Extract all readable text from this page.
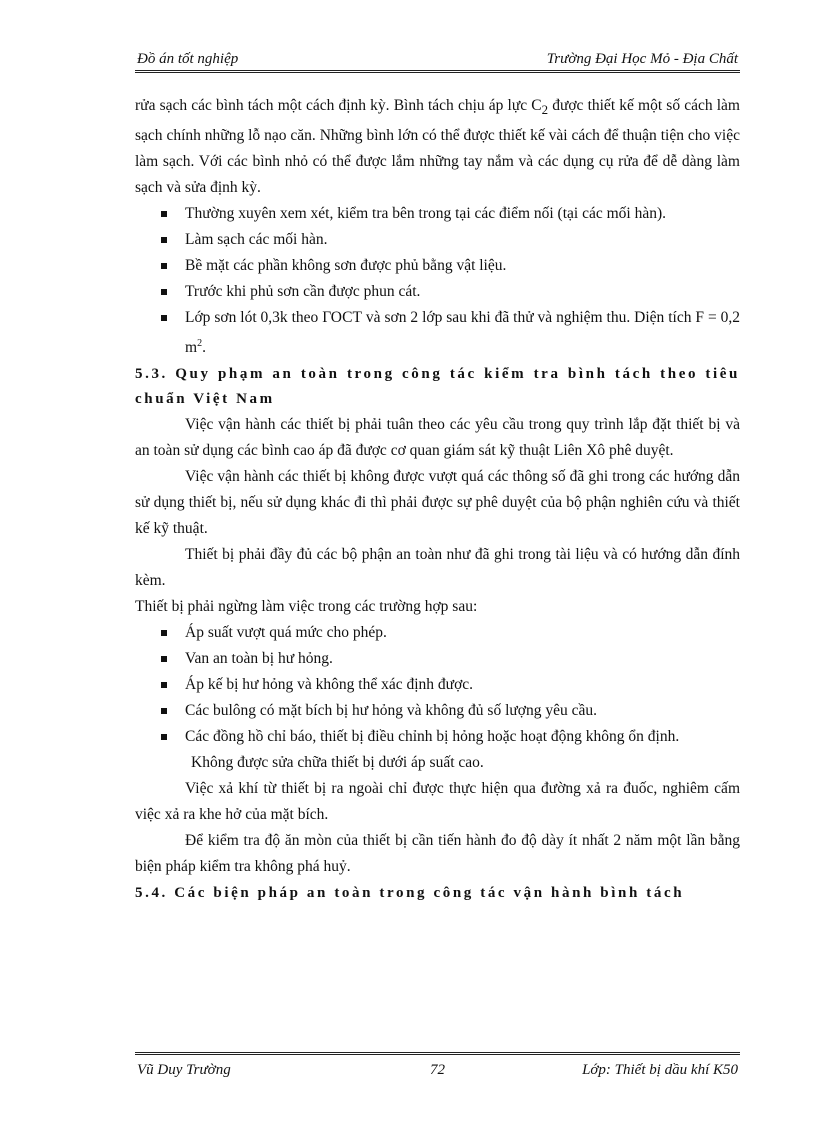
Đồ án tốt nghiệp	Trường Đại Học Mỏ - Địa Chất

rửa sạch các bình tách một cách định kỳ. Bình tách chịu áp lực $C_2$ được thiết kế một số cách làm sạch chính những lỗ nạo căn. Những bình lớn có thể được thiết kế vài cách để thuận tiện cho việc làm sạch. Với các bình nhỏ có thể được lắm những tay nắm và các dụng cụ rửa để dễ dàng làm sạch và sửa định kỳ.

Thường xuyên xem xét, kiểm tra bên trong tại các điểm nối (tại các mối hàn).
Làm sạch các mối hàn.
Bề mặt các phần không sơn được phủ bằng vật liệu.
Trước khi phủ sơn cần được phun cát.
Lớp sơn lót 0,3k theo ГОСТ và sơn 2 lớp sau khi đã thử và nghiệm thu. Diện tích F = 0,2 $m^2$.
5.3. Quy phạm an toàn trong công tác kiểm tra bình tách theo tiêu chuẩn Việt Nam

Việc vận hành các thiết bị phải tuân theo các yêu cầu trong quy trình lắp đặt thiết bị và an toàn sử dụng các bình cao áp đã được cơ quan giám sát kỹ thuật Liên Xô phê duyệt.

Việc vận hành các thiết bị không được vượt quá các thông số đã ghi trong các hướng dẫn sử dụng thiết bị, nếu sử dụng khác đi thì phải được sự phê duyệt của bộ phận nghiên cứu và thiết kế kỹ thuật.

Thiết bị phải đầy đủ các bộ phận an toàn như đã ghi trong tài liệu và có hướng dẫn đính kèm.

Thiết bị phải ngừng làm việc trong các trường hợp sau:

Áp suất vượt quá mức cho phép.
Van an toàn bị hư hỏng.
Áp kế bị hư hỏng và không thể xác định được.
Các bulông có mặt bích bị hư hỏng và không đủ số lượng yêu cầu.
Các đồng hồ chỉ báo, thiết bị điều chỉnh bị hỏng hoặc hoạt động không ổn định.

Không được sửa chữa thiết bị dưới áp suất cao.

Việc xả khí từ thiết bị ra ngoài chỉ được thực hiện qua đường xả ra đuốc, nghiêm cấm việc xả ra khe hở của mặt bích.

Để kiểm tra độ ăn mòn của thiết bị cần tiến hành đo độ dày ít nhất 2 năm một lần bằng biện pháp kiểm tra không phá huỷ.

5.4. Các biện pháp an toàn trong công tác vận hành bình tách
Vũ Duy Trường	72	Lớp: Thiết bị dầu khí K50
